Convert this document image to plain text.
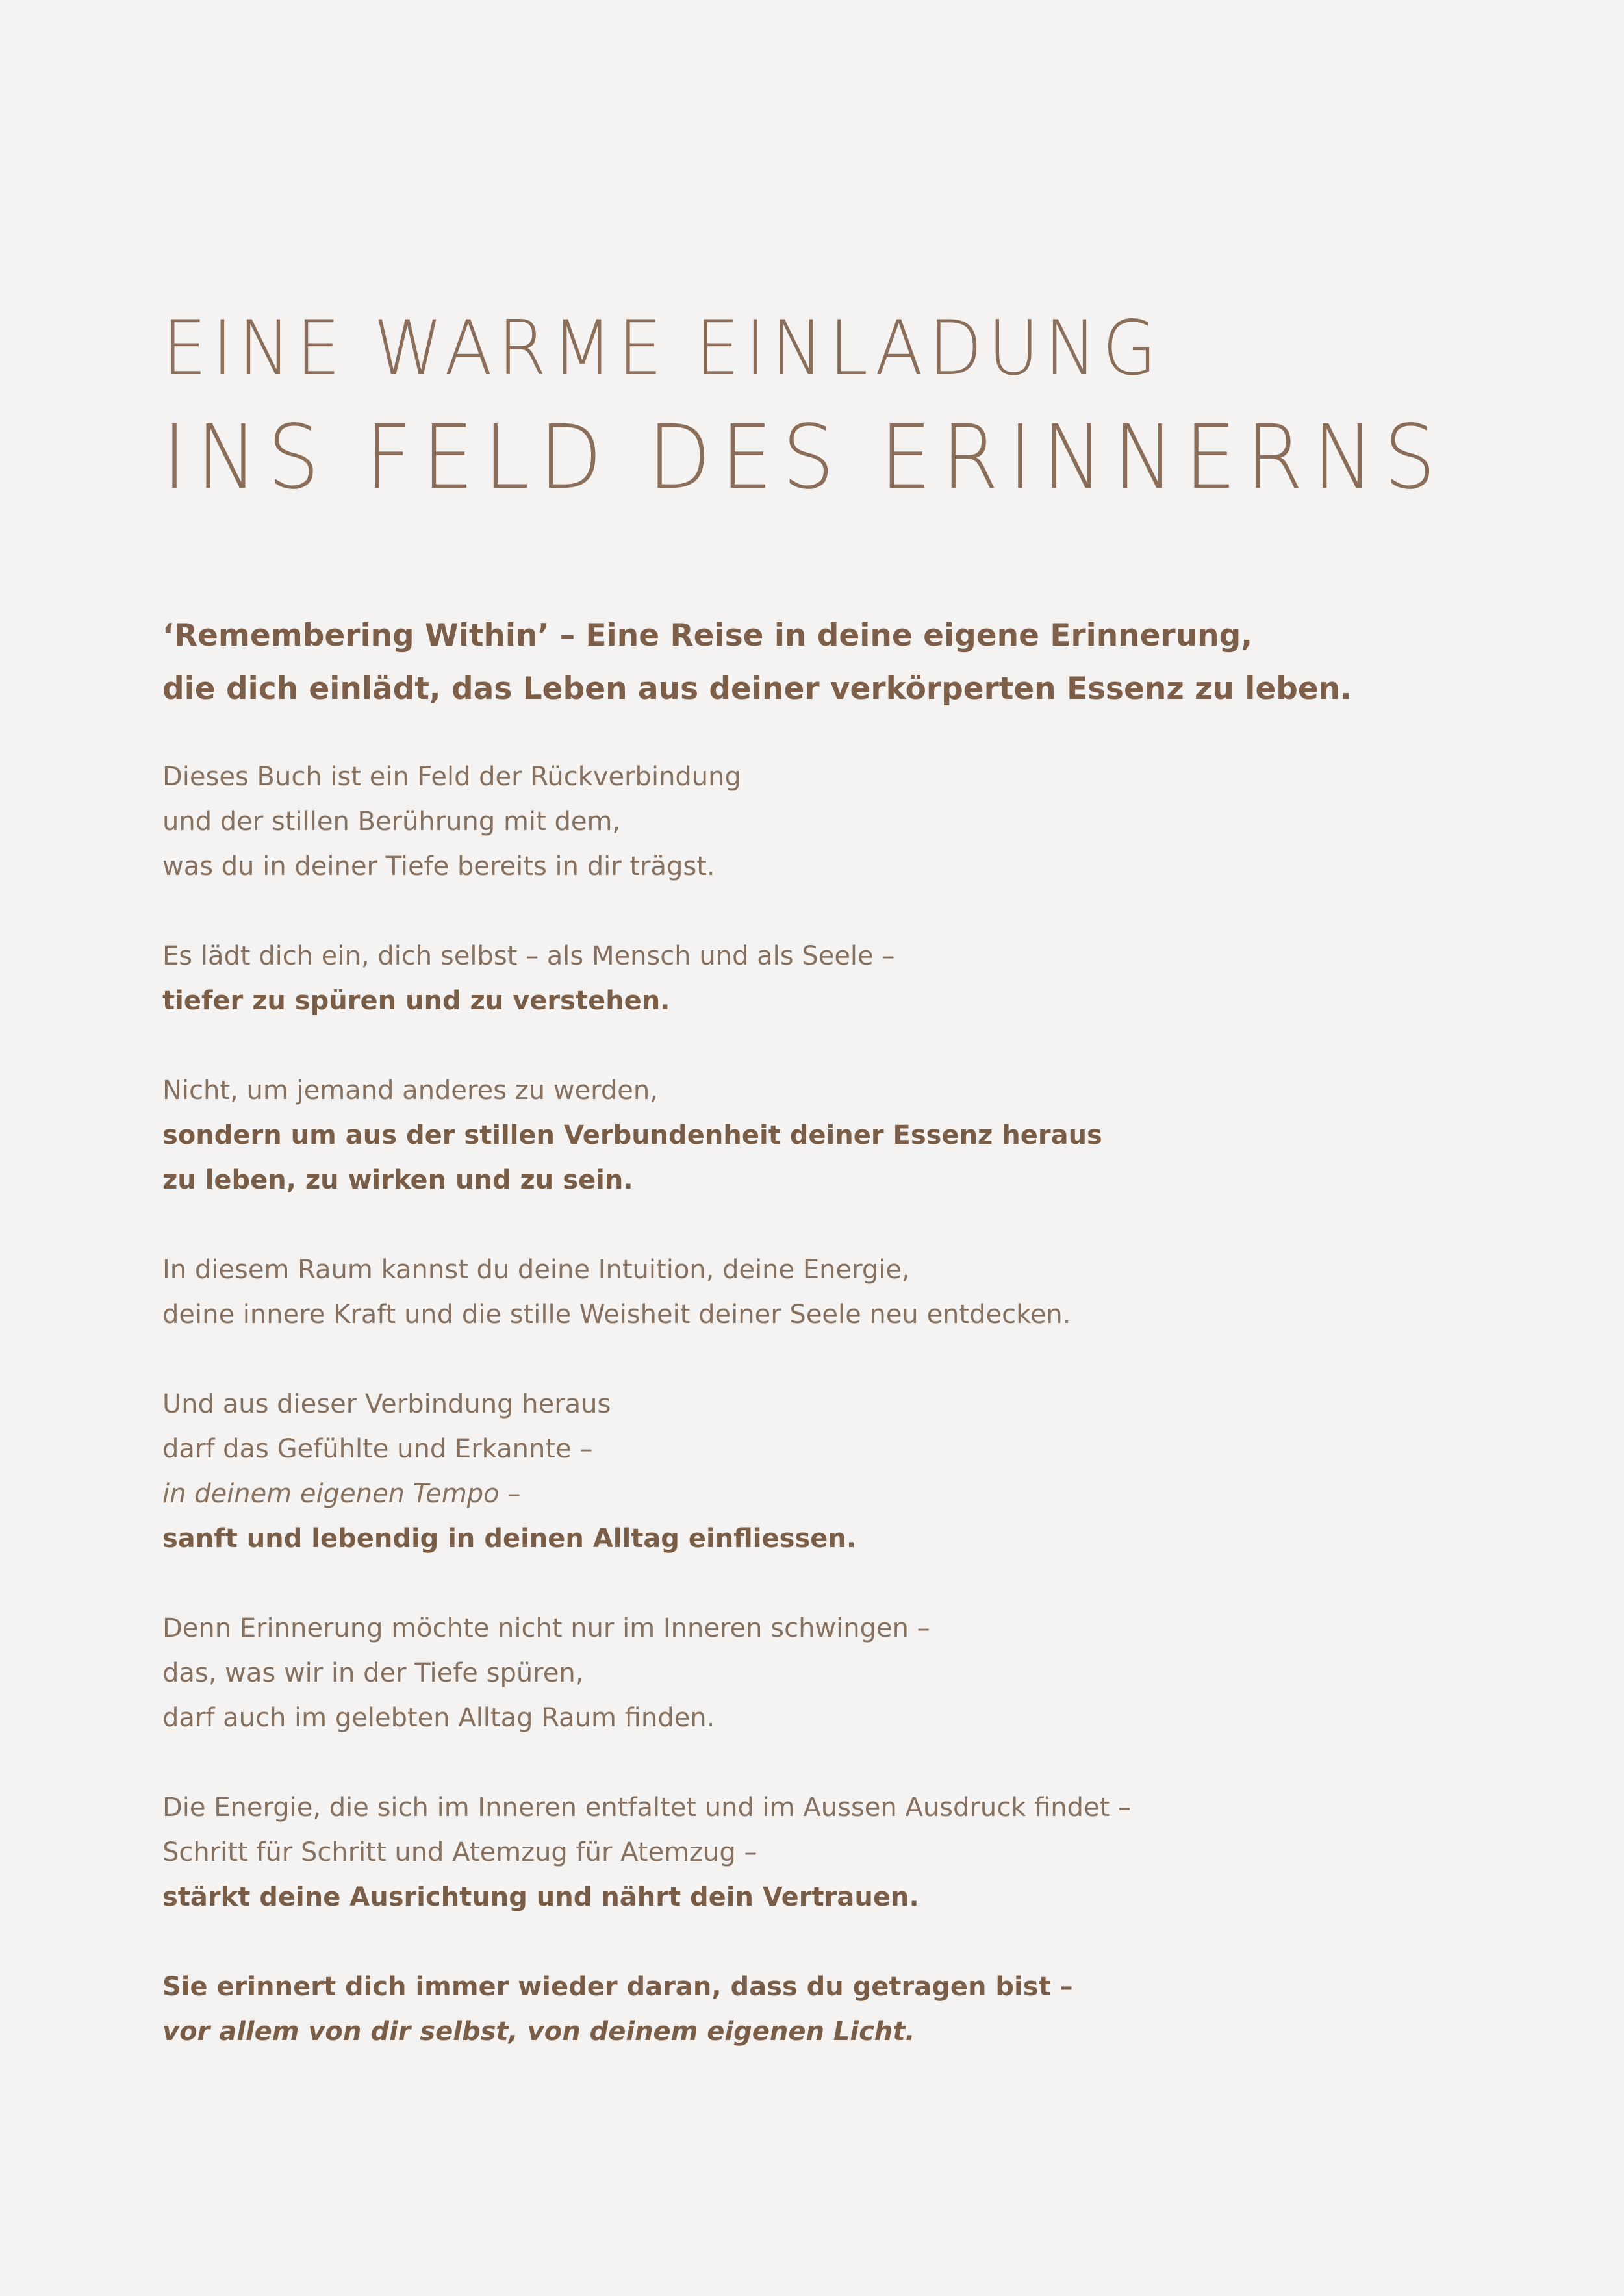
EINE WARME EINLADUNG
INS FELD DES ERINNERNS

‘Remembering Within’ – Eine Reise in deine eigene Erinnerung,
die dich einlädt, das Leben aus deiner verkörperten Essenz zu leben.

Dieses Buch ist ein Feld der Rückverbindung
und der stillen Berührung mit dem,
was du in deiner Tiefe bereits in dir trägst.

Es lädt dich ein, dich selbst – als Mensch und als Seele –
tiefer zu spüren und zu verstehen.

Nicht, um jemand anderes zu werden,
sondern um aus der stillen Verbundenheit deiner Essenz heraus
zu leben, zu wirken und zu sein.

In diesem Raum kannst du deine Intuition, deine Energie,
deine innere Kraft und die stille Weisheit deiner Seele neu entdecken.

Und aus dieser Verbindung heraus
darf das Gefühlte und Erkannte –
in deinem eigenen Tempo –
sanft und lebendig in deinen Alltag einfliessen.

Denn Erinnerung möchte nicht nur im Inneren schwingen –
das, was wir in der Tiefe spüren,
darf auch im gelebten Alltag Raum finden.

Die Energie, die sich im Inneren entfaltet und im Aussen Ausdruck findet –
Schritt für Schritt und Atemzug für Atemzug –
stärkt deine Ausrichtung und nährt dein Vertrauen.

Sie erinnert dich immer wieder daran, dass du getragen bist –
vor allem von dir selbst, von deinem eigenen Licht.
